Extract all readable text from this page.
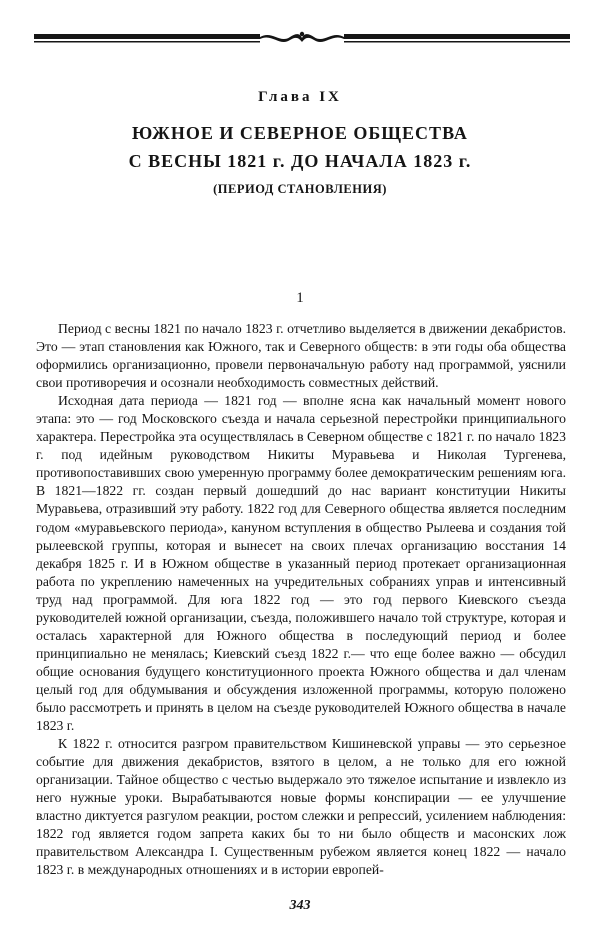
Глава IX
ЮЖНОЕ И СЕВЕРНОЕ ОБЩЕСТВА
С ВЕСНЫ 1821 г. ДО НАЧАЛА 1823 г.
(ПЕРИОД СТАНОВЛЕНИЯ)
1

Период с весны 1821 по начало 1823 г. отчетливо выделяется в движении декабристов. Это — этап становления как Южного, так и Северного обществ: в эти годы оба общества оформились организационно, провели первоначальную работу над программой, уяснили свои противоречия и осознали необходимость совместных действий.

Исходная дата периода — 1821 год — вполне ясна как начальный момент нового этапа: это — год Московского съезда и начала серьезной перестройки принципиального характера. Перестройка эта осуществлялась в Северном обществе с 1821 г. по начало 1823 г. под идейным руководством Никиты Муравьева и Николая Тургенева, противопоставивших свою умеренную программу более демократическим решениям юга. В 1821—1822 гг. создан первый дошедший до нас вариант конституции Никиты Муравьева, отразивший эту работу. 1822 год для Северного общества является последним годом «муравьевского периода», кануном вступления в общество Рылеева и создания той рылеевской группы, которая и вынесет на своих плечах организацию восстания 14 декабря 1825 г. И в Южном обществе в указанный период протекает организационная работа по укреплению намеченных на учредительных собраниях управ и интенсивный труд над программой. Для юга 1822 год — это год первого Киевского съезда руководителей южной организации, съезда, положившего начало той структуре, которая и осталась характерной для Южного общества в последующий период и более принципиально не менялась; Киевский съезд 1822 г.— что еще более важно — обсудил общие основания будущего конституционного проекта Южного общества и дал членам целый год для обдумывания и обсуждения изложенной программы, которую положено было рассмотреть и принять в целом на съезде руководителей Южного общества в начале 1823 г.

К 1822 г. относится разгром правительством Кишиневской управы — это серьезное событие для движения декабристов, взятого в целом, а не только для его южной организации. Тайное общество с честью выдержало это тяжелое испытание и извлекло из него нужные уроки. Вырабатываются новые формы конспирации — ее улучшение властно диктуется разгулом реакции, ростом слежки и репрессий, усилением наблюдения: 1822 год является годом запрета каких бы то ни было обществ и масонских лож правительством Александра I. Существенным рубежом является конец 1822 — начало 1823 г. в международных отношениях и в истории европей-

343
